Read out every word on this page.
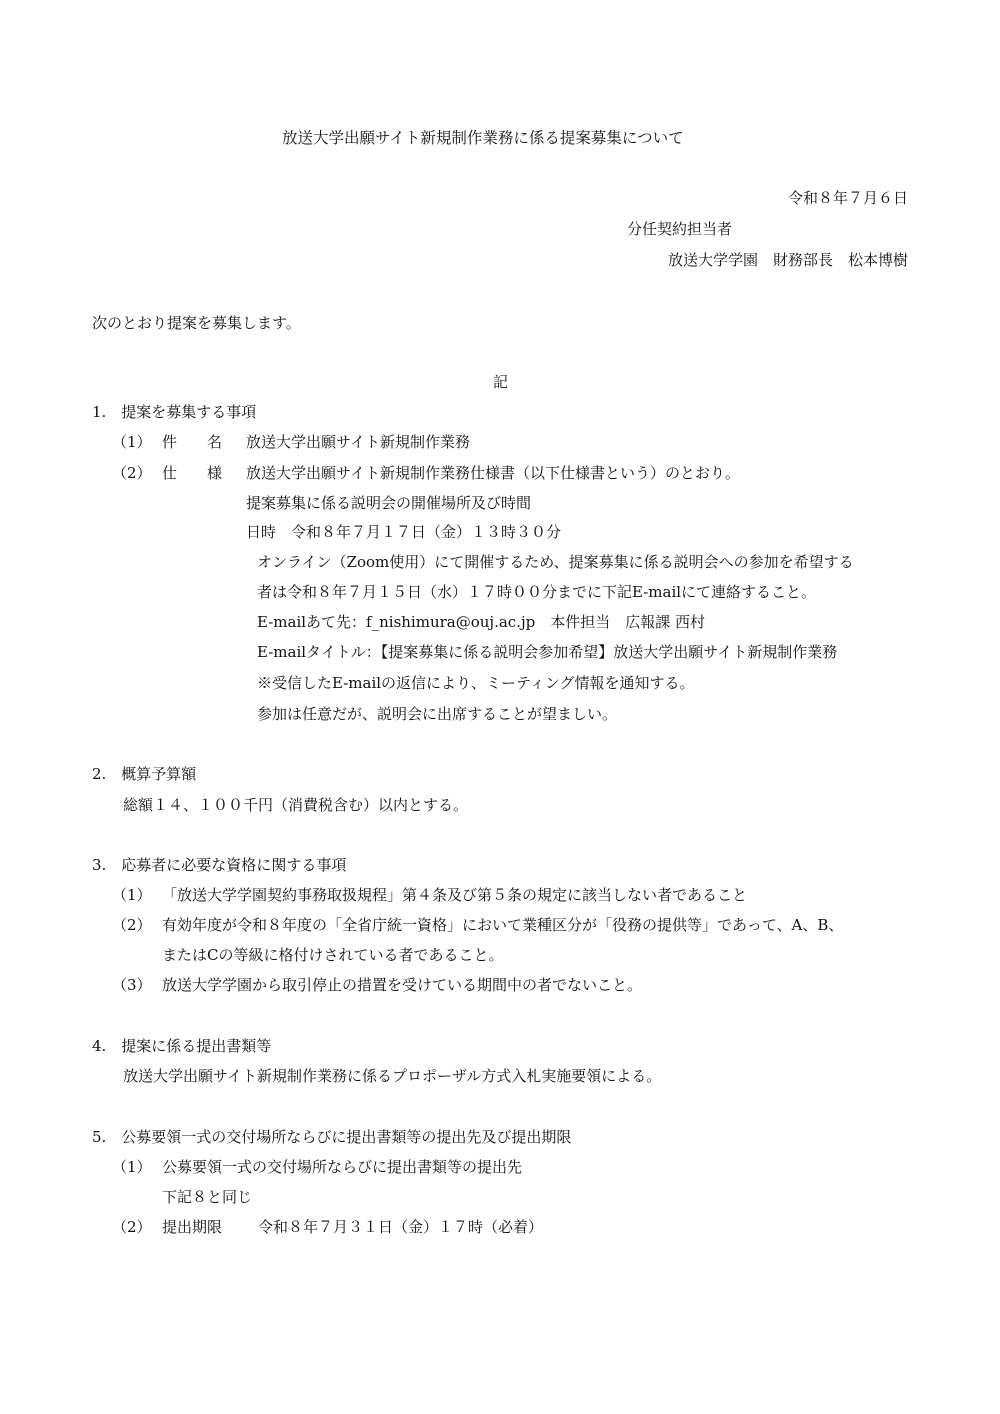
放送大学出願サイト新規制作業務に係る提案募集について
令和８年７月６日
分任契約担当者
放送大学学園　財務部長　松本博樹
次のとおり提案を募集します。
記
1.　提案を募集する事項
（1） 件　　名 放送大学出願サイト新規制作業務
（2） 仕　　様 放送大学出願サイト新規制作業務仕様書（以下仕様書という）のとおり。
提案募集に係る説明会の開催場所及び時間
日時　令和８年７月１７日（金）１３時３０分
オンライン（Zoom使用）にて開催するため、提案募集に係る説明会への参加を希望する
者は令和８年７月１５日（水）１７時００分までに下記E-mailにて連絡すること。
E-mailあて先：f_nishimura@ouj.ac.jp　本件担当　広報課 西村
E-mailタイトル：【提案募集に係る説明会参加希望】放送大学出願サイト新規制作業務
※受信したE-mailの返信により、ミーティング情報を通知する。
参加は任意だが、説明会に出席することが望ましい。
2.　概算予算額
総額１４、１００千円（消費税含む）以内とする。
3.　応募者に必要な資格に関する事項
（1） 「放送大学学園契約事務取扱規程」第４条及び第５条の規定に該当しない者であること
（2） 有効年度が令和８年度の「全省庁統一資格」において業種区分が「役務の提供等」であって、A、B、
またはCの等級に格付けされている者であること。
（3） 放送大学学園から取引停止の措置を受けている期間中の者でないこと。
4.　提案に係る提出書類等
放送大学出願サイト新規制作業務に係るプロポーザル方式入札実施要領による。
5.　公募要領一式の交付場所ならびに提出書類等の提出先及び提出期限
（1） 公募要領一式の交付場所ならびに提出書類等の提出先
下記８と同じ
（2） 提出期限 令和８年７月３１日（金）１７時（必着）
